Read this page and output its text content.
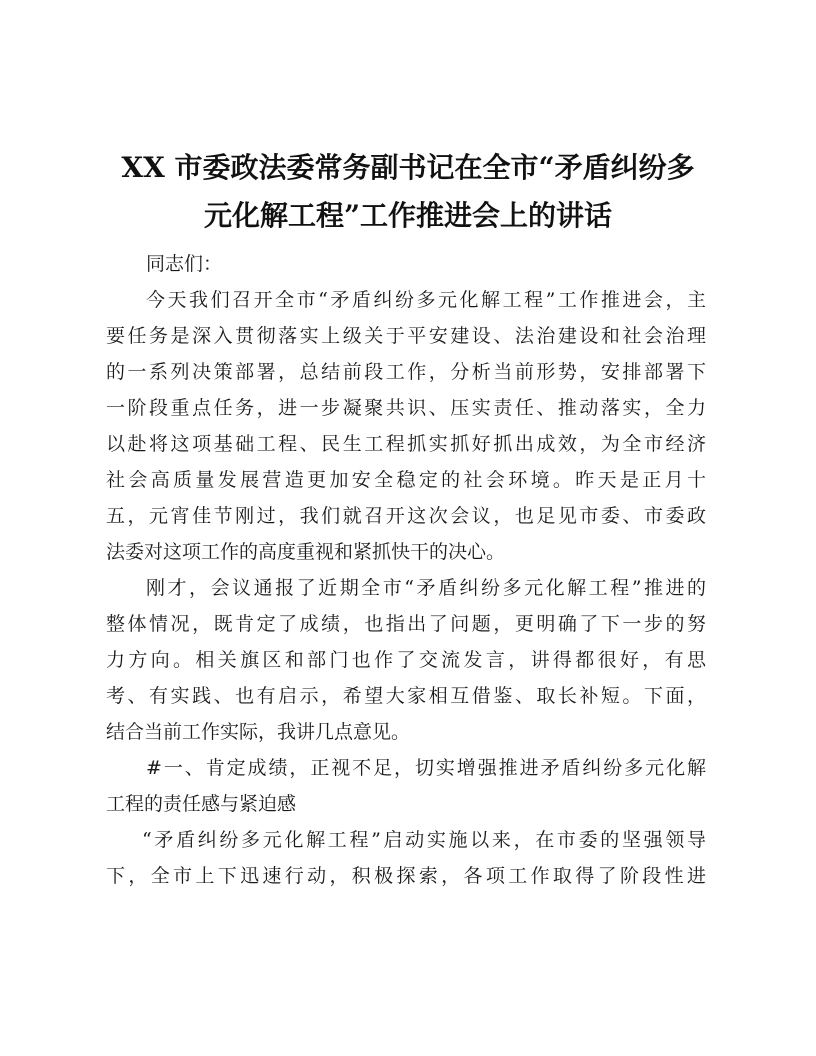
XX 市委政法委常务副书记在全市“矛盾纠纷多
元化解工程”工作推进会上的讲话
同志们：
今天我们召开全市“矛盾纠纷多元化解工程”工作推进会，主
要任务是深入贯彻落实上级关于平安建设、法治建设和社会治理
的一系列决策部署，总结前段工作，分析当前形势，安排部署下
一阶段重点任务，进一步凝聚共识、压实责任、推动落实，全力
以赴将这项基础工程、民生工程抓实抓好抓出成效，为全市经济
社会高质量发展营造更加安全稳定的社会环境。昨天是正月十
五，元宵佳节刚过，我们就召开这次会议，也足见市委、市委政
法委对这项工作的高度重视和紧抓快干的决心。
刚才，会议通报了近期全市“矛盾纠纷多元化解工程”推进的
整体情况，既肯定了成绩，也指出了问题，更明确了下一步的努
力方向。相关旗区和部门也作了交流发言，讲得都很好，有思
考、有实践、也有启示，希望大家相互借鉴、取长补短。下面，
结合当前工作实际，我讲几点意见。
#一、肯定成绩，正视不足，切实增强推进矛盾纠纷多元化解
工程的责任感与紧迫感
“矛盾纠纷多元化解工程”启动实施以来，在市委的坚强领导
下，全市上下迅速行动，积极探索，各项工作取得了阶段性进
